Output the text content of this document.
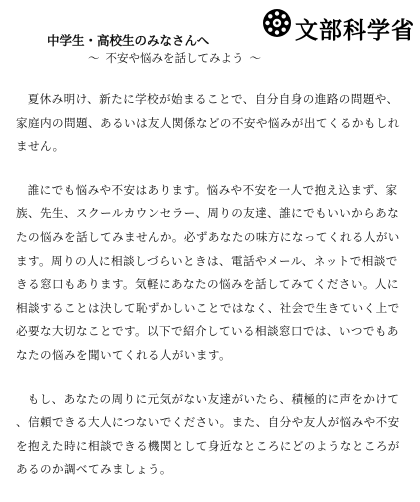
文部科学省
中学生・高校生のみなさんへ
～ 不安や悩みを話してみよう ～

夏休み明け、新たに学校が始まることで、自分自身の進路の問題や、家庭内の問題、あるいは友人関係などの不安や悩みが出てくるかもしれません。

誰にでも悩みや不安はあります。悩みや不安を一人で抱え込まず、家族、先生、スクールカウンセラー、周りの友達、誰にでもいいからあなたの悩みを話してみませんか。必ずあなたの味方になってくれる人がいます。周りの人に相談しづらいときは、電話やメール、ネットで相談できる窓口もあります。気軽にあなたの悩みを話してみてください。人に相談することは決して恥ずかしいことではなく、社会で生きていく上で必要な大切なことです。以下で紹介している相談窓口では、いつでもあなたの悩みを聞いてくれる人がいます。

もし、あなたの周りに元気がない友達がいたら、積極的に声をかけて、信頼できる大人につないでください。また、自分や友人が悩みや不安を抱えた時に相談できる機関として身近なところにどのようなところがあるのか調べてみましょう。
